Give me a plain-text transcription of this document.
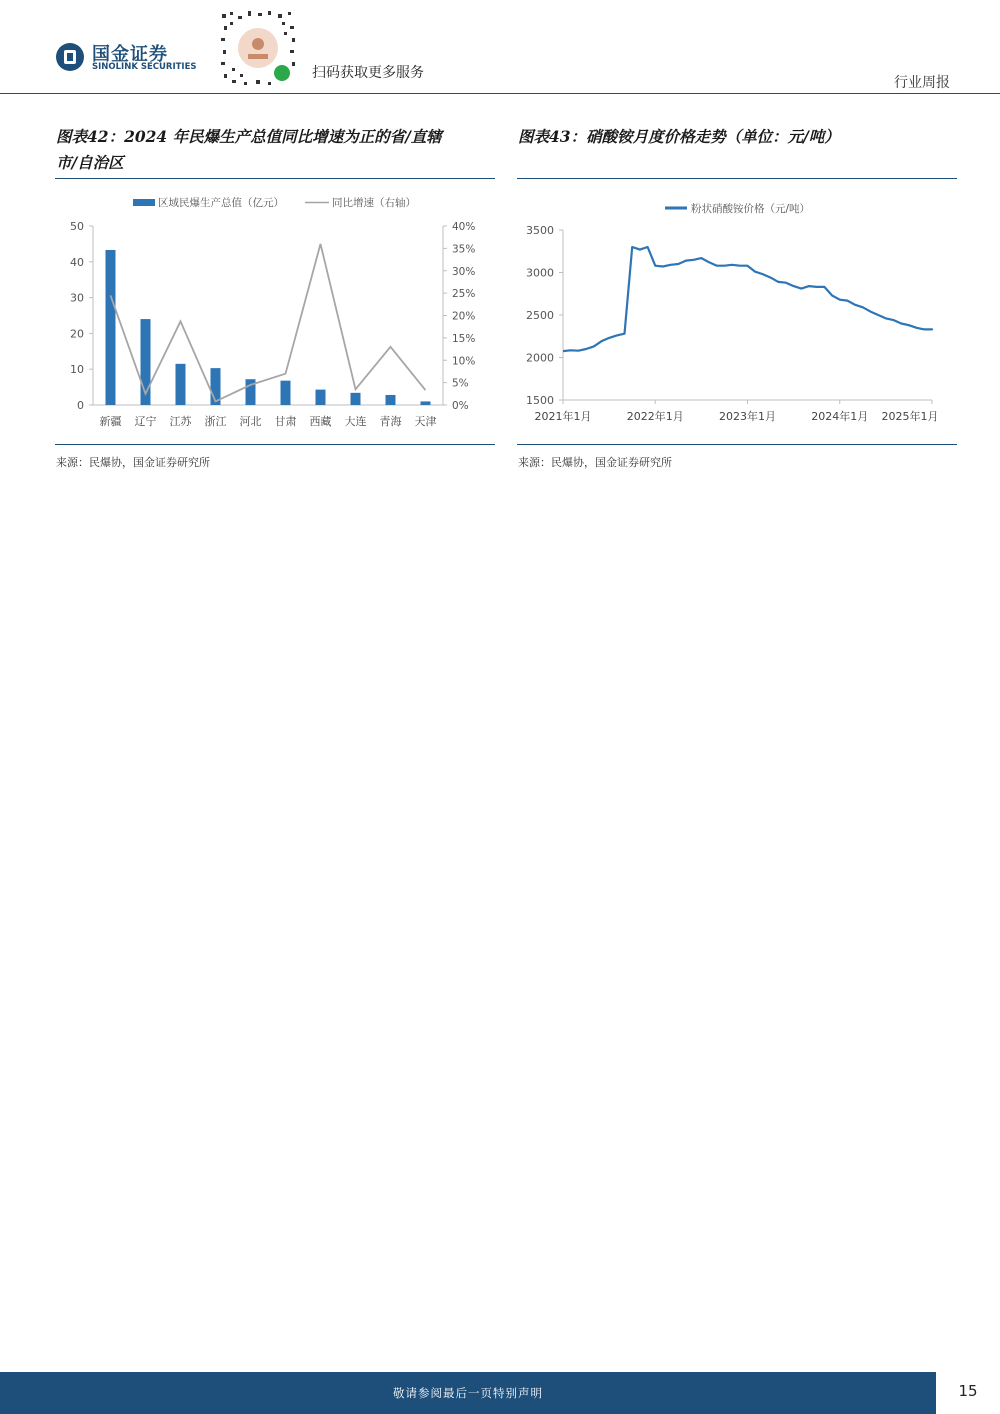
国金证券
SINOLINK SECURITIES	扫码获取更多服务
行业周报
图表42：2024 年民爆生产总值同比增速为正的省/直辖
市/自治区
区域民爆生产总值（亿元）	同比增速（右轴）
0
10
20
30
40
50
0%
5%
10%
15%
20%
25%
30%
35%
40%
新疆 辽宁 江苏 浙江 河北 甘肃 西藏 大连 青海 天津
来源：民爆协，国金证券研究所
图表43：硝酸铵月度价格走势（单位：元/吨）
粉状硝酸铵价格（元/吨）
1500
2000
2500
3000
3500
2021年1月	2022年1月	2023年1月	2024年1月 2025年1月
来源：民爆协，国金证券研究所
敬请参阅最后一页特别声明	15
